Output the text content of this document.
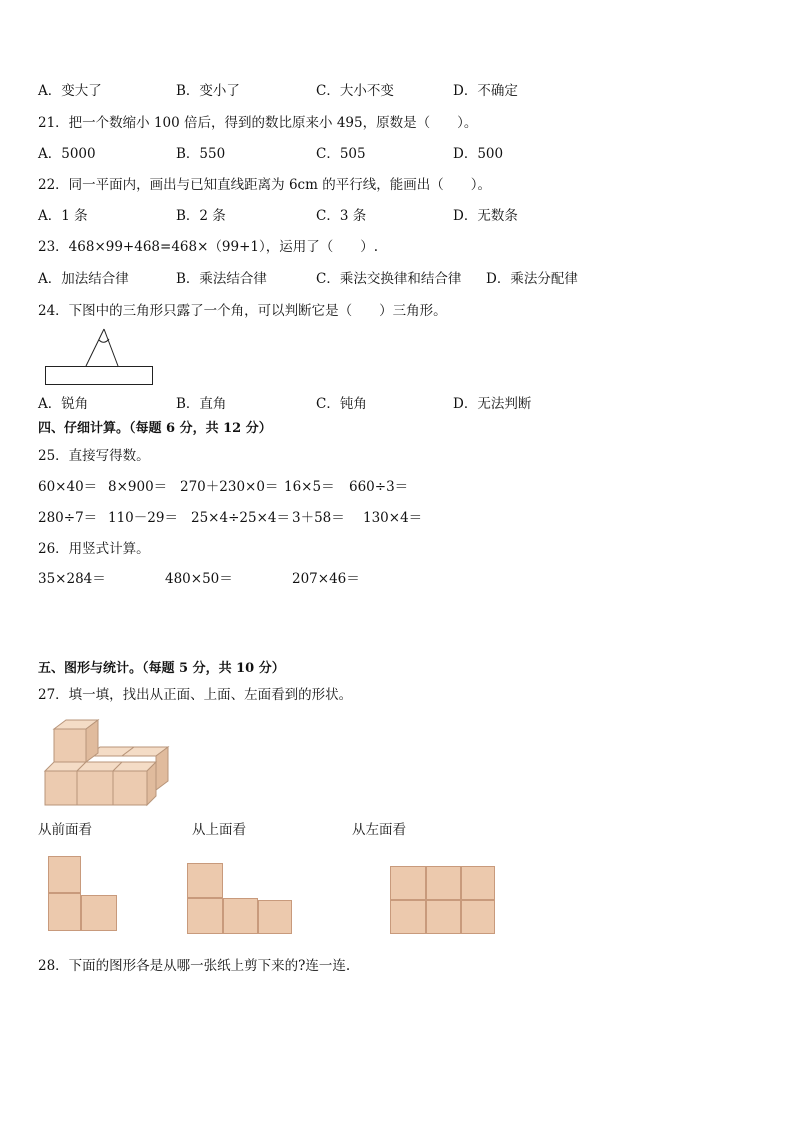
A．变大了	B．变小了	C．大小不变	D．不确定
21．把一个数缩小 100 倍后，得到的数比原来小 495，原数是（　　）。
A．5000	B．550	C．505	D．500
22．同一平面内，画出与已知直线距离为 6cm 的平行线，能画出（　　）。
A．1 条	B．2 条	C．3 条	D．无数条
23．468×99+468=468×（99+1），运用了（　　）.
A．加法结合律	B．乘法结合律	C．乘法交换律和结合律 D．乘法分配律
24．下图中的三角形只露了一个角，可以判断它是（　　）三角形。
A．锐角	B．直角	C．钝角	D．无法判断
四、仔细计算。（每题 6 分，共 12 分）
25．直接写得数。
60×40＝ 8×900＝ 270＋230×0＝ 16×5＝ 660÷3＝
280÷7＝ 110－29＝ 25×4÷25×4＝ 3＋58＝ 130×4＝
26．用竖式计算。
35×284＝	480×50＝	207×46＝
五、图形与统计。（每题 5 分，共 10 分）
27．填一填，找出从正面、上面、左面看到的形状。
从前面看	从上面看	从左面看
28．下面的图形各是从哪一张纸上剪下来的?连一连.
